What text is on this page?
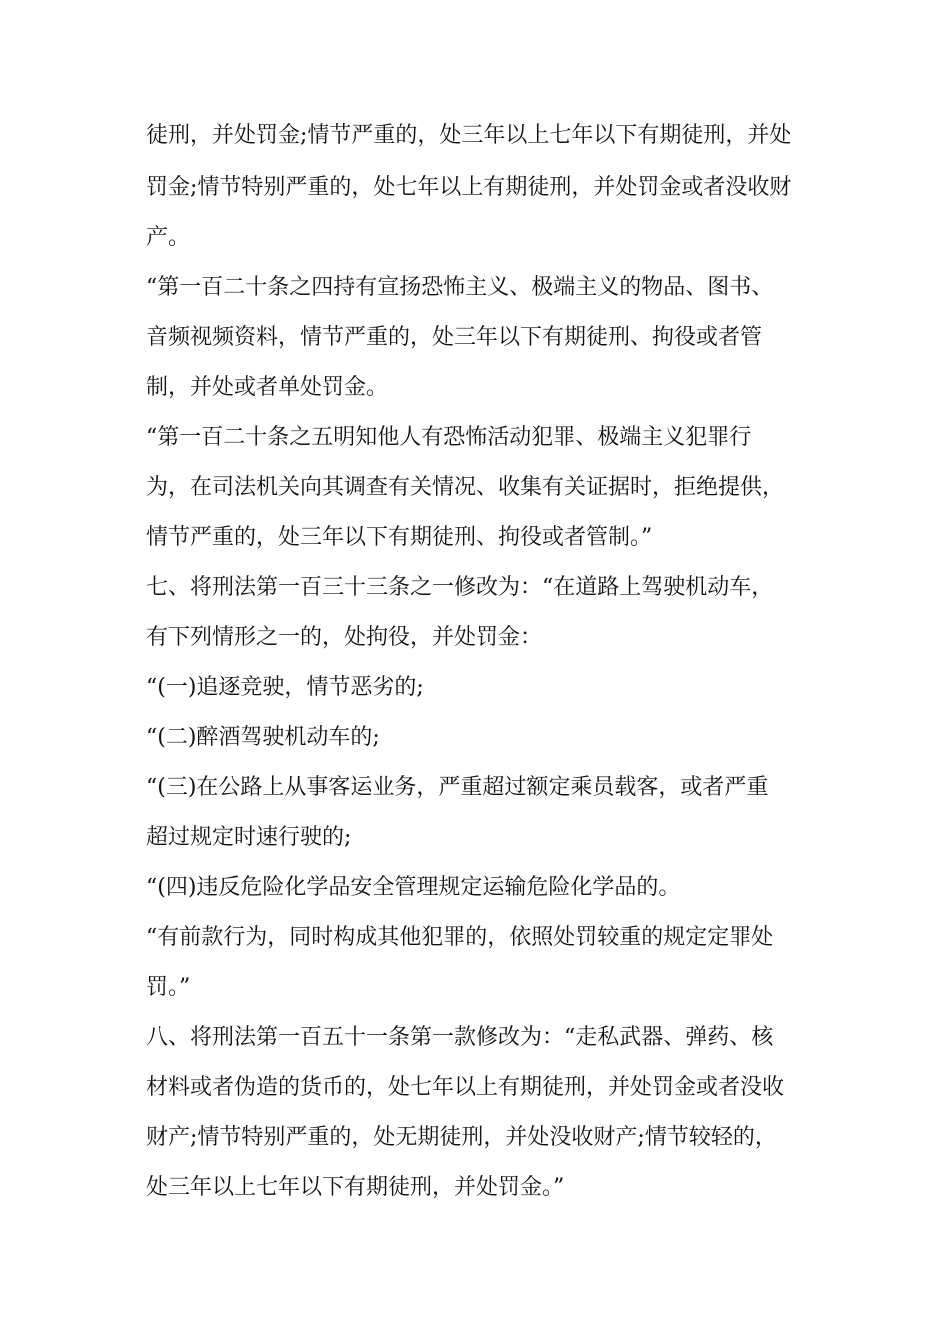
徒刑，并处罚金;情节严重的，处三年以上七年以下有期徒刑，并处
罚金;情节特别严重的，处七年以上有期徒刑，并处罚金或者没收财
产。
“第一百二十条之四持有宣扬恐怖主义、极端主义的物品、图书、
音频视频资料，情节严重的，处三年以下有期徒刑、拘役或者管
制，并处或者单处罚金。
“第一百二十条之五明知他人有恐怖活动犯罪、极端主义犯罪行
为，在司法机关向其调查有关情况、收集有关证据时，拒绝提供，
情节严重的，处三年以下有期徒刑、拘役或者管制。”
七、将刑法第一百三十三条之一修改为：“在道路上驾驶机动车，
有下列情形之一的，处拘役，并处罚金：
“(一)追逐竞驶，情节恶劣的;
“(二)醉酒驾驶机动车的;
“(三)在公路上从事客运业务，严重超过额定乘员载客，或者严重
超过规定时速行驶的;
“(四)违反危险化学品安全管理规定运输危险化学品的。
“有前款行为，同时构成其他犯罪的，依照处罚较重的规定定罪处
罚。”
八、将刑法第一百五十一条第一款修改为：“走私武器、弹药、核
材料或者伪造的货币的，处七年以上有期徒刑，并处罚金或者没收
财产;情节特别严重的，处无期徒刑，并处没收财产;情节较轻的，
处三年以上七年以下有期徒刑，并处罚金。”
